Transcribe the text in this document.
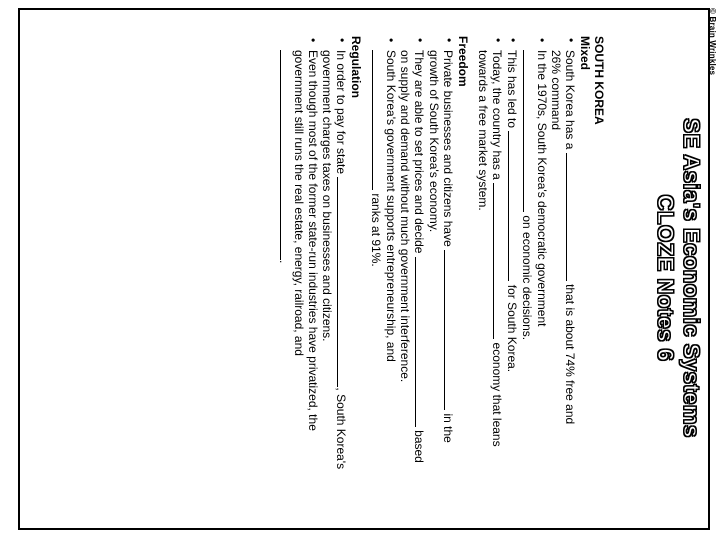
© Brain Wrinkles
SE Asia's Economic Systems
CLOZE Notes 6
SOUTH KOREA
Mixed
• South Korea has a  that is about 74% free and
26% command
• In the 1970s, South Korea's democratic government
on economic decisions.
• This has led to  for South Korea.
• Today, the country has a  economy that leans
towards a free market system.
Freedom
• Private businesses and citizens have  in the
growth of South Korea's economy.
• They are able to set prices and decide  based
on supply and demand without much government interference.
• South Korea's government supports entrepreneurship, and
ranks at 91%.
Regulation
• In order to pay for state , South Korea's
government charges taxes on businesses and citizens.
• Even though most of the former state-run industries have privatized, the
government still runs the real estate, energy, railroad, and
.
